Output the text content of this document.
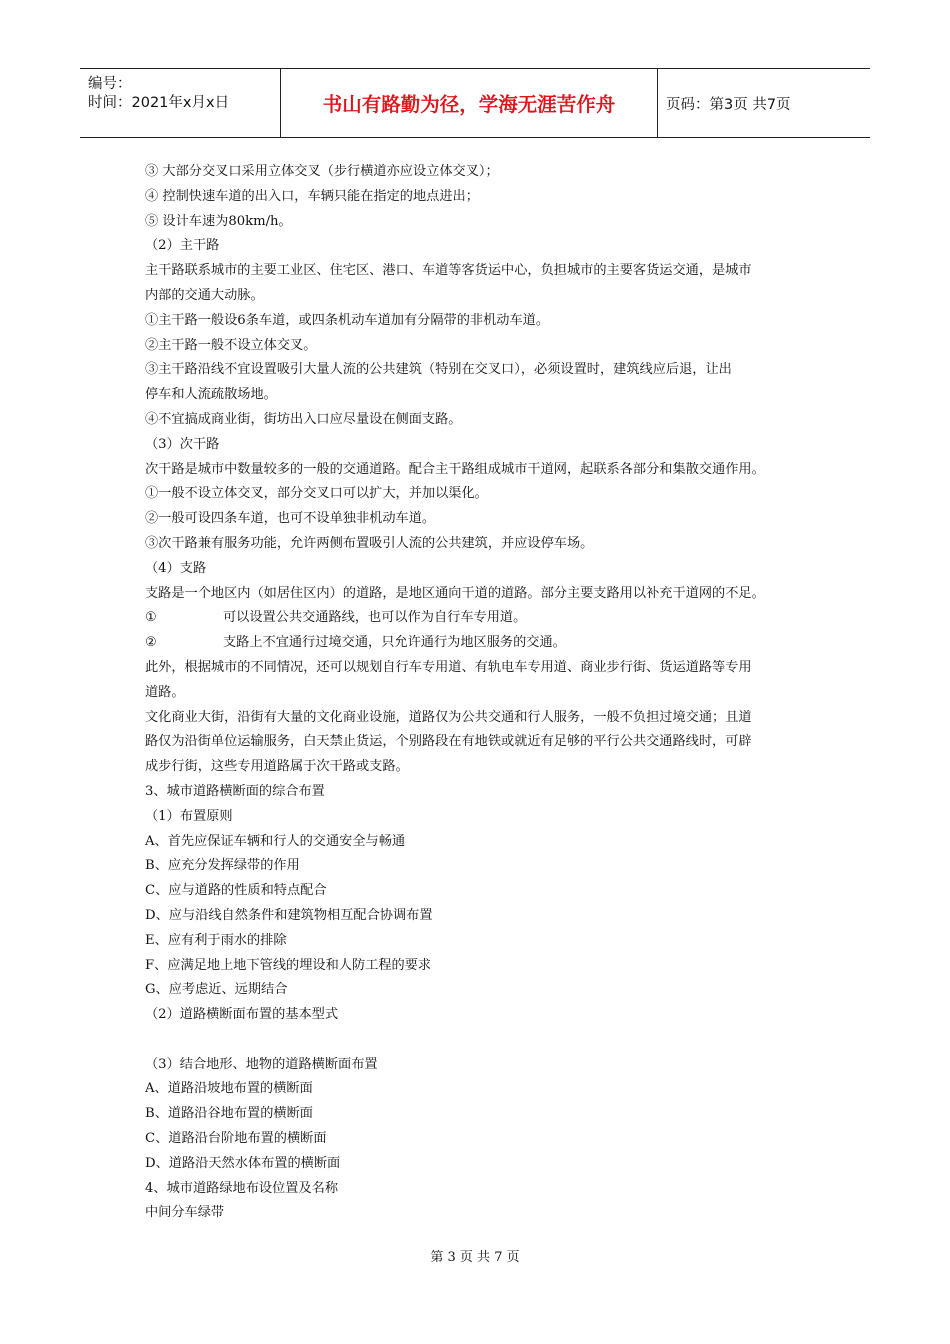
编号：
时间：2021年x月x日	书山有路勤为径，学海无涯苦作舟	页码：第3页 共7页
③ 大部分交叉口采用立体交叉（步行横道亦应设立体交叉）；
④ 控制快速车道的出入口，车辆只能在指定的地点进出；
⑤ 设计车速为80km/h。
（2）主干路
主干路联系城市的主要工业区、住宅区、港口、车道等客货运中心，负担城市的主要客货运交通，是城市
内部的交通大动脉。
①主干路一般设6条车道，或四条机动车道加有分隔带的非机动车道。
②主干路一般不设立体交叉。
③主干路沿线不宜设置吸引大量人流的公共建筑（特别在交叉口），必须设置时，建筑线应后退，让出
停车和人流疏散场地。
④不宜搞成商业街，街坊出入口应尽量设在侧面支路。
（3）次干路
次干路是城市中数量较多的一般的交通道路。配合主干路组成城市干道网，起联系各部分和集散交通作用。
①一般不设立体交叉，部分交叉口可以扩大，并加以渠化。
②一般可设四条车道，也可不设单独非机动车道。
③次干路兼有服务功能，允许两侧布置吸引人流的公共建筑，并应设停车场。
（4）支路
支路是一个地区内（如居住区内）的道路，是地区通向干道的道路。部分主要支路用以补充干道网的不足。
①	可以设置公共交通路线，也可以作为自行车专用道。
②	支路上不宜通行过境交通，只允许通行为地区服务的交通。
此外，根据城市的不同情况，还可以规划自行车专用道、有轨电车专用道、商业步行街、货运道路等专用
道路。
文化商业大街，沿街有大量的文化商业设施，道路仅为公共交通和行人服务，一般不负担过境交通；且道
路仅为沿街单位运输服务，白天禁止货运，个别路段在有地铁或就近有足够的平行公共交通路线时，可辟
成步行街，这些专用道路属于次干路或支路。
3、城市道路横断面的综合布置
（1）布置原则
A、首先应保证车辆和行人的交通安全与畅通
B、应充分发挥绿带的作用
C、应与道路的性质和特点配合
D、应与沿线自然条件和建筑物相互配合协调布置
E、应有利于雨水的排除
F、应满足地上地下管线的埋设和人防工程的要求
G、应考虑近、远期结合
（2）道路横断面布置的基本型式
（3）结合地形、地物的道路横断面布置
A、道路沿坡地布置的横断面
B、道路沿谷地布置的横断面
C、道路沿台阶地布置的横断面
D、道路沿天然水体布置的横断面
4、城市道路绿地布设位置及名称
中间分车绿带
第 3 页 共 7 页
